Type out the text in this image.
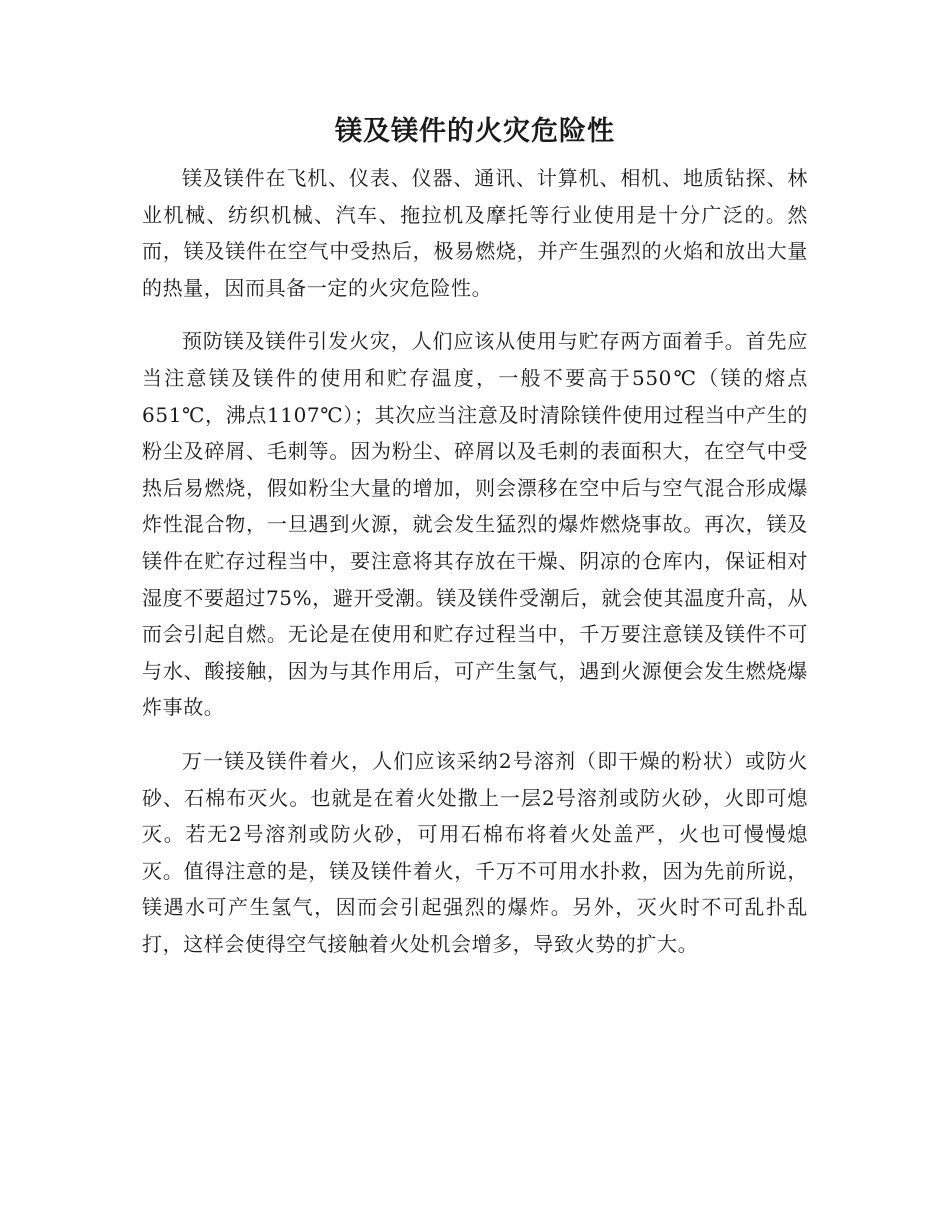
镁及镁件的火灾危险性

镁及镁件在飞机、仪表、仪器、通讯、计算机、相机、地质钻探、林业机械、纺织机械、汽车、拖拉机及摩托等行业使用是十分广泛的。然而，镁及镁件在空气中受热后，极易燃烧，并产生强烈的火焰和放出大量的热量，因而具备一定的火灾危险性。

预防镁及镁件引发火灾，人们应该从使用与贮存两方面着手。首先应当注意镁及镁件的使用和贮存温度，一般不要高于550℃（镁的熔点651℃，沸点1107℃）；其次应当注意及时清除镁件使用过程当中产生的粉尘及碎屑、毛刺等。因为粉尘、碎屑以及毛刺的表面积大，在空气中受热后易燃烧，假如粉尘大量的增加，则会漂移在空中后与空气混合形成爆炸性混合物，一旦遇到火源，就会发生猛烈的爆炸燃烧事故。再次，镁及镁件在贮存过程当中，要注意将其存放在干燥、阴凉的仓库内，保证相对湿度不要超过75%，避开受潮。镁及镁件受潮后，就会使其温度升高，从而会引起自燃。无论是在使用和贮存过程当中，千万要注意镁及镁件不可与水、酸接触，因为与其作用后，可产生氢气，遇到火源便会发生燃烧爆炸事故。

万一镁及镁件着火，人们应该采纳2号溶剂（即干燥的粉状）或防火砂、石棉布灭火。也就是在着火处撒上一层2号溶剂或防火砂，火即可熄灭。若无2号溶剂或防火砂，可用石棉布将着火处盖严，火也可慢慢熄灭。值得注意的是，镁及镁件着火，千万不可用水扑救，因为先前所说，镁遇水可产生氢气，因而会引起强烈的爆炸。另外，灭火时不可乱扑乱打，这样会使得空气接触着火处机会增多，导致火势的扩大。
